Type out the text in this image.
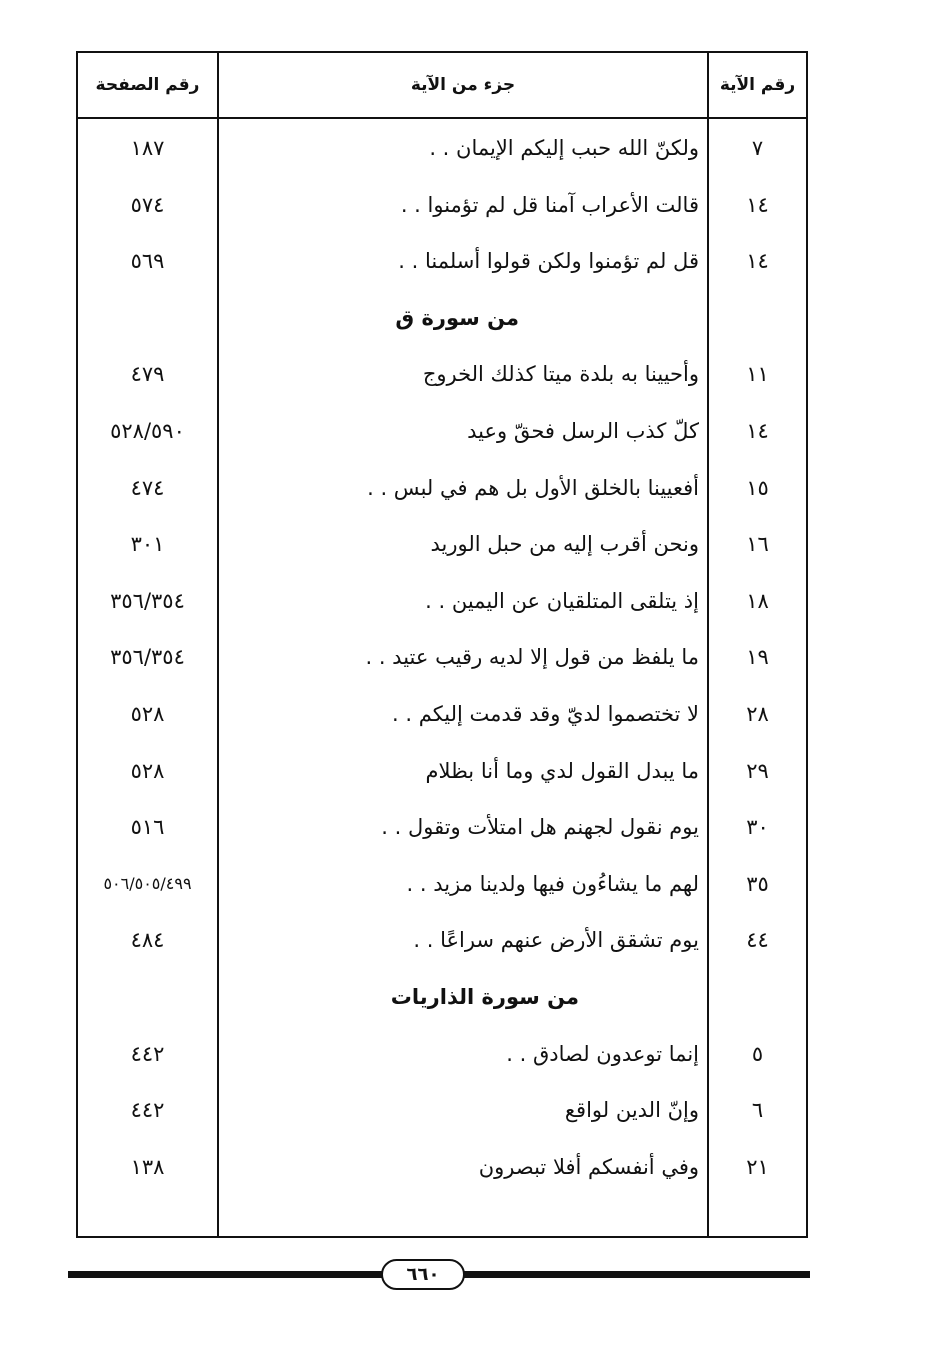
رقم الآية
جزء من الآية
رقم الصفحة
٧
ولكنّ الله حبب إليكم الإيمان . .
١٨٧
١٤
قالت الأعراب آمنا قل لم تؤمنوا . .
٥٧٤
١٤
قل لم تؤمنوا ولكن قولوا أسلمنا . .
٥٦٩
من سورة ق
١١
وأحيينا به بلدة ميتا كذلك الخروج
٤٧٩
١٤
كلّ كذب الرسل فحقّ وعيد
٥٢٨/٥٩٠
١٥
أفعيينا بالخلق الأول بل هم في لبس . .
٤٧٤
١٦
ونحن أقرب إليه من حبل الوريد
٣٠١
١٨
إذ يتلقى المتلقيان عن اليمين . .
٣٥٦/٣٥٤
١٩
ما يلفظ من قول إلا لديه رقيب عتيد . .
٣٥٦/٣٥٤
٢٨
لا تختصموا لديّ وقد قدمت إليكم . .
٥٢٨
٢٩
ما يبدل القول لدي وما أنا بظلام
٥٢٨
٣٠
يوم نقول لجهنم هل امتلأت وتقول . .
٥١٦
٣٥
لهم ما يشاءُون فيها ولدينا مزيد . .
٥٠٦/٥٠٥/٤٩٩
٤٤
يوم تشقق الأرض عنهم سراعًا . .
٤٨٤
من سورة الذاريات
٥
إنما توعدون لصادق . .
٤٤٢
٦
وإنّ الدين لواقع
٤٤٢
٢١
وفي أنفسكم أفلا تبصرون
١٣٨
٦٦٠
